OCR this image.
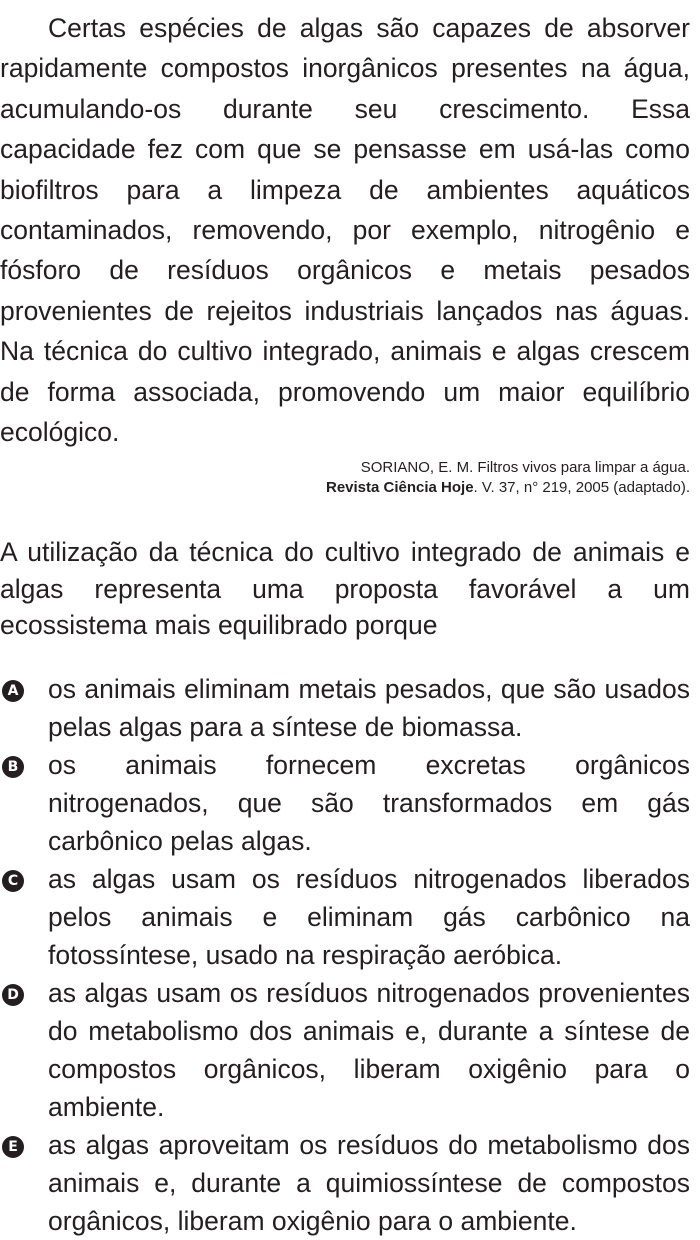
Certas espécies de algas são capazes de absorver rapidamente compostos inorgânicos presentes na água, acumulando-os durante seu crescimento. Essa capacidade fez com que se pensasse em usá-las como biofiltros para a limpeza de ambientes aquáticos contaminados, removendo, por exemplo, nitrogênio e fósforo de resíduos orgânicos e metais pesados provenientes de rejeitos industriais lançados nas águas. Na técnica do cultivo integrado, animais e algas crescem de forma associada, promovendo um maior equilíbrio ecológico.

SORIANO, E. M. Filtros vivos para limpar a água.
Revista Ciência Hoje. V. 37, n° 219, 2005 (adaptado).

A utilização da técnica do cultivo integrado de animais e algas representa uma proposta favorável a um ecossistema mais equilibrado porque

A os animais eliminam metais pesados, que são usados pelas algas para a síntese de biomassa.
B os animais fornecem excretas orgânicos nitrogenados, que são transformados em gás carbônico pelas algas.
C as algas usam os resíduos nitrogenados liberados pelos animais e eliminam gás carbônico na fotossíntese, usado na respiração aeróbica.
D as algas usam os resíduos nitrogenados provenientes do metabolismo dos animais e, durante a síntese de compostos orgânicos, liberam oxigênio para o ambiente.
E as algas aproveitam os resíduos do metabolismo dos animais e, durante a quimiossíntese de compostos orgânicos, liberam oxigênio para o ambiente.
